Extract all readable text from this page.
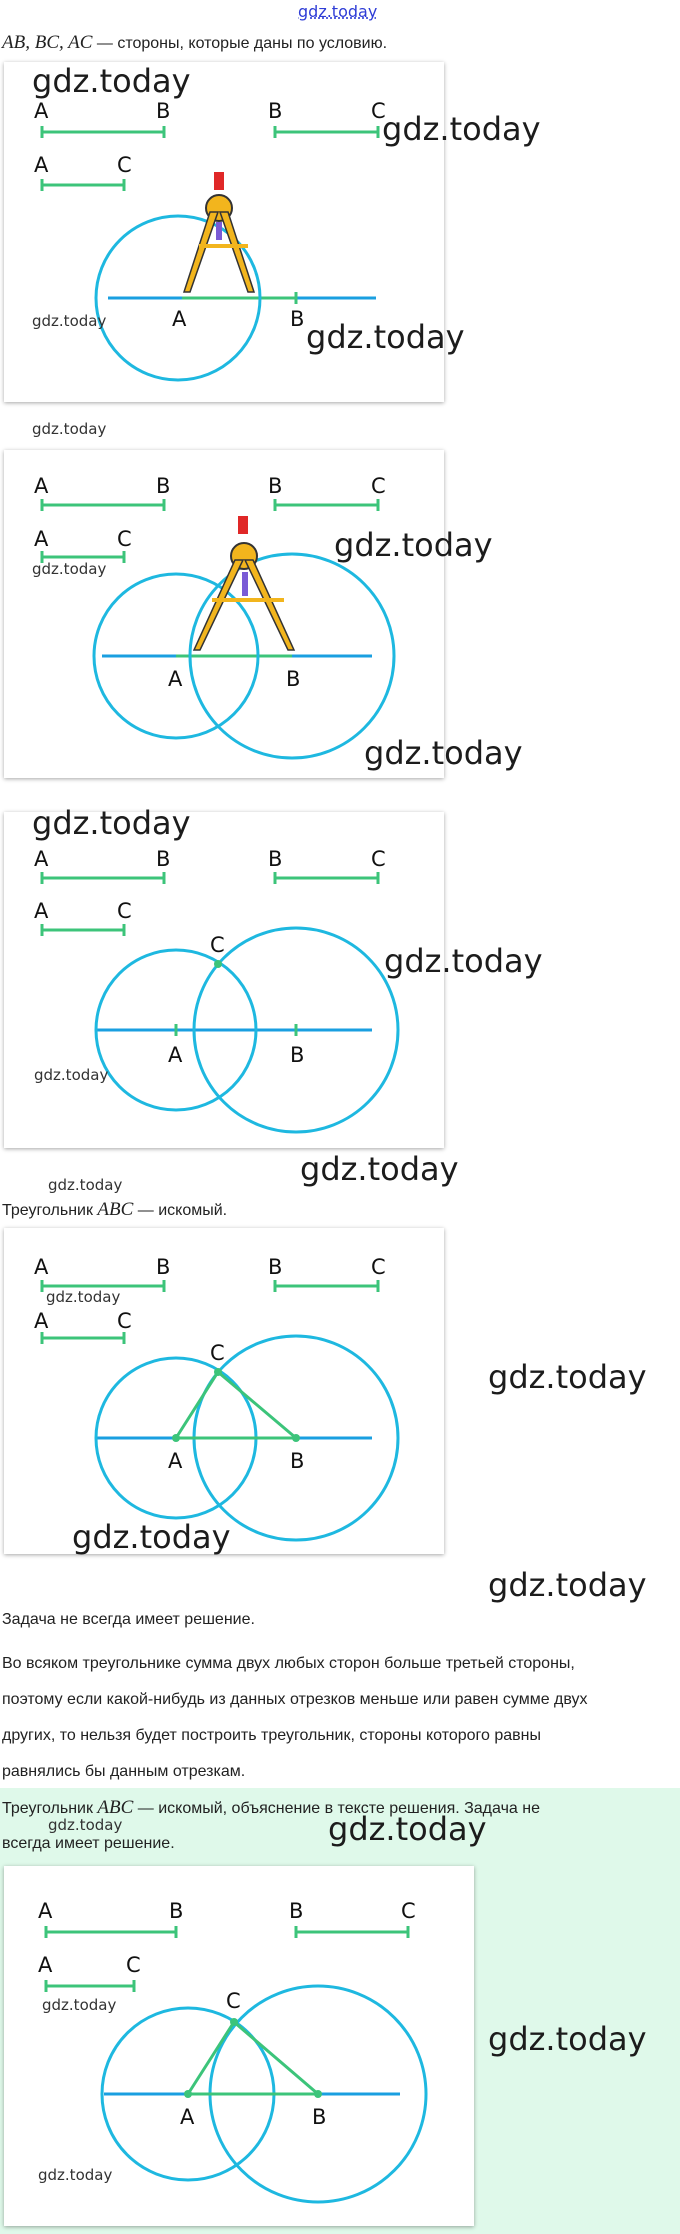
gdz.today
AB, BC, AC — стороны, которые даны по условию.
A	B	B	C
A	C
A	B
gdz.today
gdz.today
gdz.today	gdz.today
gdz.today
A	B	B	C
A	C
A	B
gdz.today
gdz.today
gdz.today
A	B	B	C
A	C
C
A	B
gdz.today
gdz.today
gdz.today
gdz.today
gdz.today
Треугольник ABC — искомый.
A	B	B	C
A	C
C
A	B
gdz.today
gdz.today
gdz.today
gdz.today
Задача не всегда имеет решение.
Во всяком треугольнике сумма двух любых сторон больше третьей стороны,
поэтому если какой-нибудь из данных отрезков меньше или равен сумме двух
других, то нельзя будет построить треугольник, стороны которого равны
равнялись бы данным отрезкам.
Треугольник ABC — искомый, объяснение в тексте решения. Задача не
всегда имеет решение.
gdz.today	gdz.today
A	B	B	C
A	C
C
A	B
gdz.today
gdz.today
gdz.today
